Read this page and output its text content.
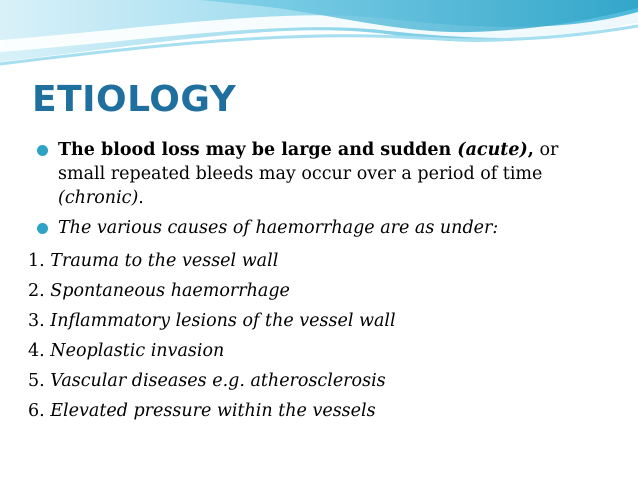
ETIOLOGY
The blood loss may be large and sudden (acute), or small repeated bleeds may occur over a period of time (chronic).
The various causes of haemorrhage are as under:
1. Trauma to the vessel wall
2. Spontaneous haemorrhage
3. Inflammatory lesions of the vessel wall
4. Neoplastic invasion
5. Vascular diseases e.g. atherosclerosis
6. Elevated pressure within the vessels
